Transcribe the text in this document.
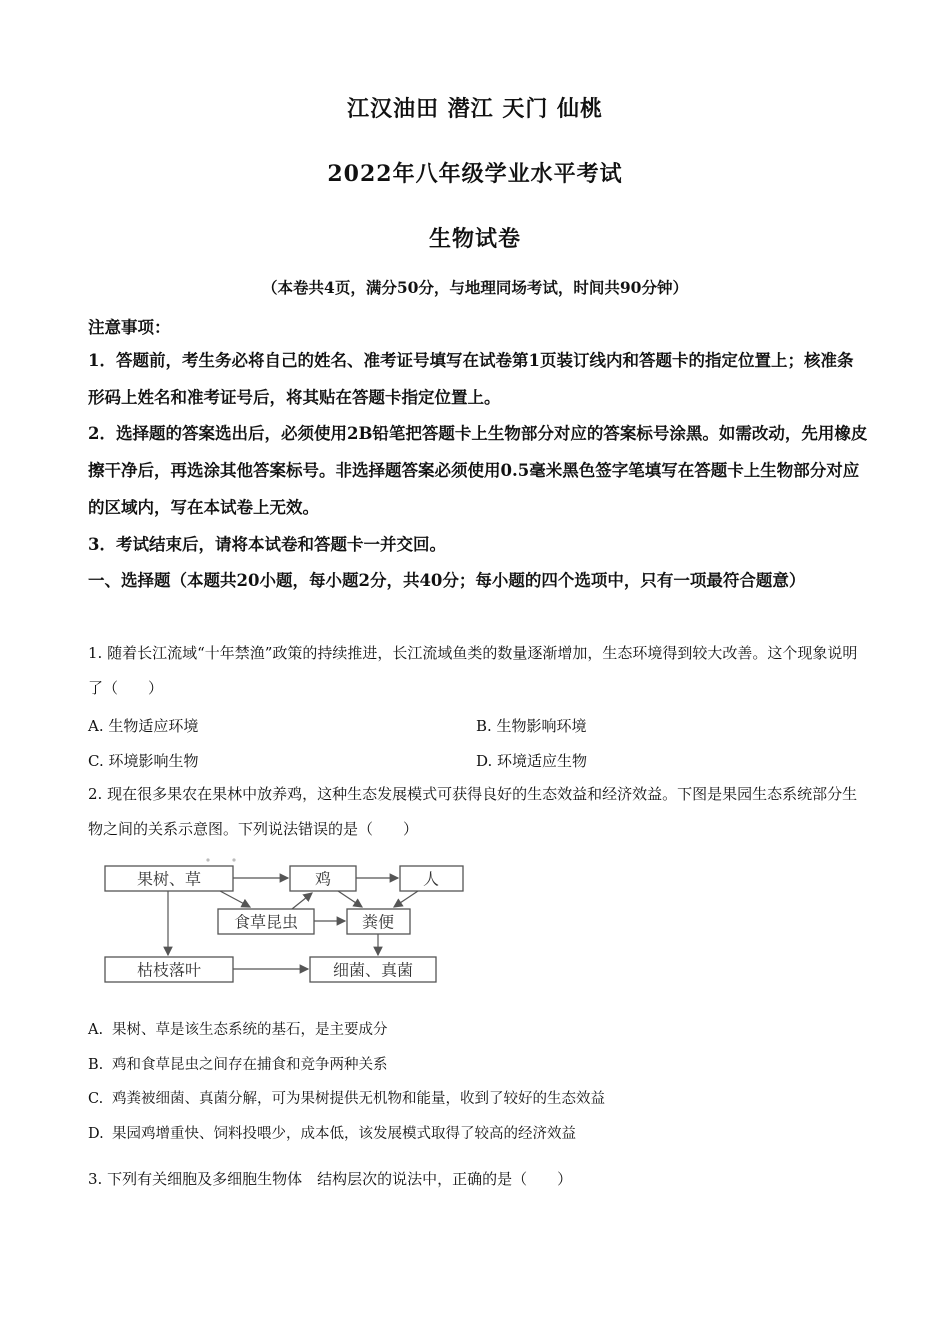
江汉油田 潜江 天门 仙桃
2022年八年级学业水平考试
生物试卷
（本卷共4页，满分50分，与地理同场考试，时间共90分钟）
注意事项：
1．答题前，考生务必将自己的姓名、准考证号填写在试卷第1页装订线内和答题卡的指定位置上；核准条形码上姓名和准考证号后，将其贴在答题卡指定位置上。
2．选择题的答案选出后，必须使用2B铅笔把答题卡上生物部分对应的答案标号涂黑。如需改动，先用橡皮擦干净后，再选涂其他答案标号。非选择题答案必须使用0.5毫米黑色签字笔填写在答题卡上生物部分对应的区域内，写在本试卷上无效。
3．考试结束后，请将本试卷和答题卡一并交回。
一、选择题（本题共20小题，每小题2分，共40分；每小题的四个选项中，只有一项最符合题意）
1. 随着长江流域“十年禁渔”政策的持续推进，长江流域鱼类的数量逐渐增加，生态环境得到较大改善。这个现象说明了（　　）
A. 生物适应环境	B. 生物影响环境
C. 环境影响生物	D. 环境适应生物
2. 现在很多果农在果林中放养鸡，这种生态发展模式可获得良好的生态效益和经济效益。下图是果园生态系统部分生物之间的关系示意图。下列说法错误的是（　　）
果树、草	鸡	人
食草昆虫	粪便
枯枝落叶	细菌、真菌
A. 果树、草是该生态系统的基石，是主要成分
B. 鸡和食草昆虫之间存在捕食和竞争两种关系
C. 鸡粪被细菌、真菌分解，可为果树提供无机物和能量，收到了较好的生态效益
D. 果园鸡增重快、饲料投喂少，成本低，该发展模式取得了较高的经济效益
3. 下列有关细胞及多细胞生物体　结构层次的说法中，正确的是（　　）
